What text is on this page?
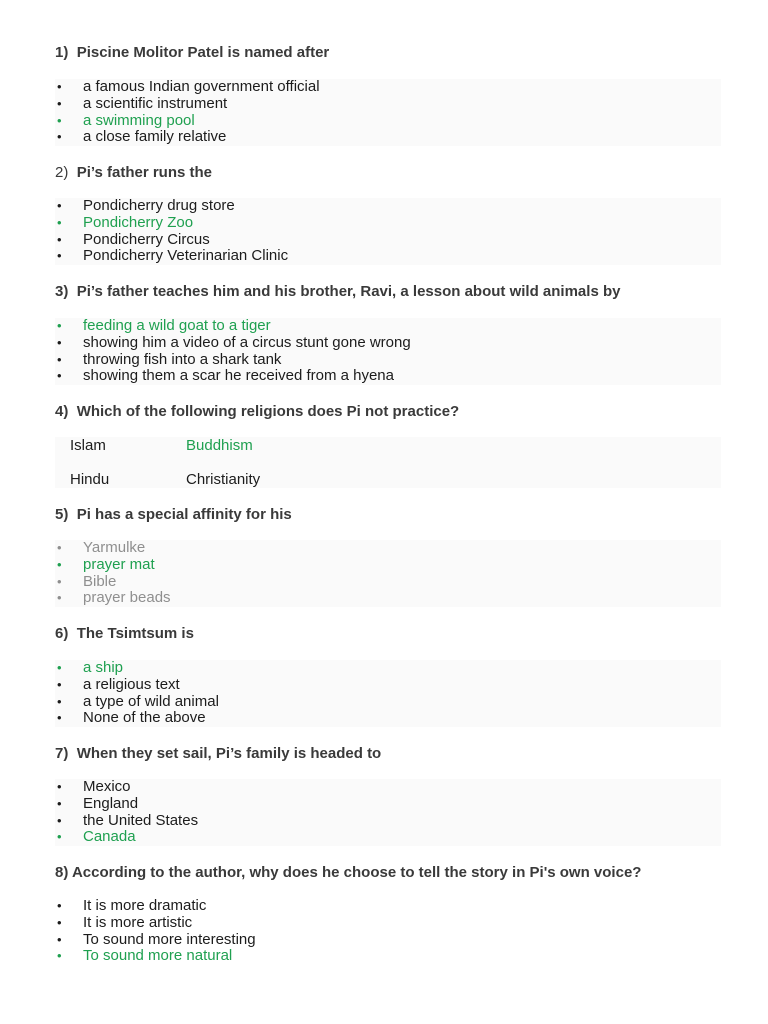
1) Piscine Molitor Patel is named after

• a famous Indian government official
• a scientific instrument
• a swimming pool
• a close family relative

2) Pi’s father runs the

• Pondicherry drug store
• Pondicherry Zoo
• Pondicherry Circus
• Pondicherry Veterinarian Clinic

3) Pi’s father teaches him and his brother, Ravi, a lesson about wild animals by

• feeding a wild goat to a tiger
• showing him a video of a circus stunt gone wrong
• throwing fish into a shark tank
• showing them a scar he received from a hyena

4) Which of the following religions does Pi not practice?

Islam	Buddhism
Hindu	Christianity

5) Pi has a special affinity for his

• Yarmulke
• prayer mat
• Bible
• prayer beads

6) The Tsimtsum is

• a ship
• a religious text
• a type of wild animal
• None of the above

7) When they set sail, Pi’s family is headed to

• Mexico
• England
• the United States
• Canada

8) According to the author, why does he choose to tell the story in Pi's own voice?

• It is more dramatic
• It is more artistic
• To sound more interesting
• To sound more natural
